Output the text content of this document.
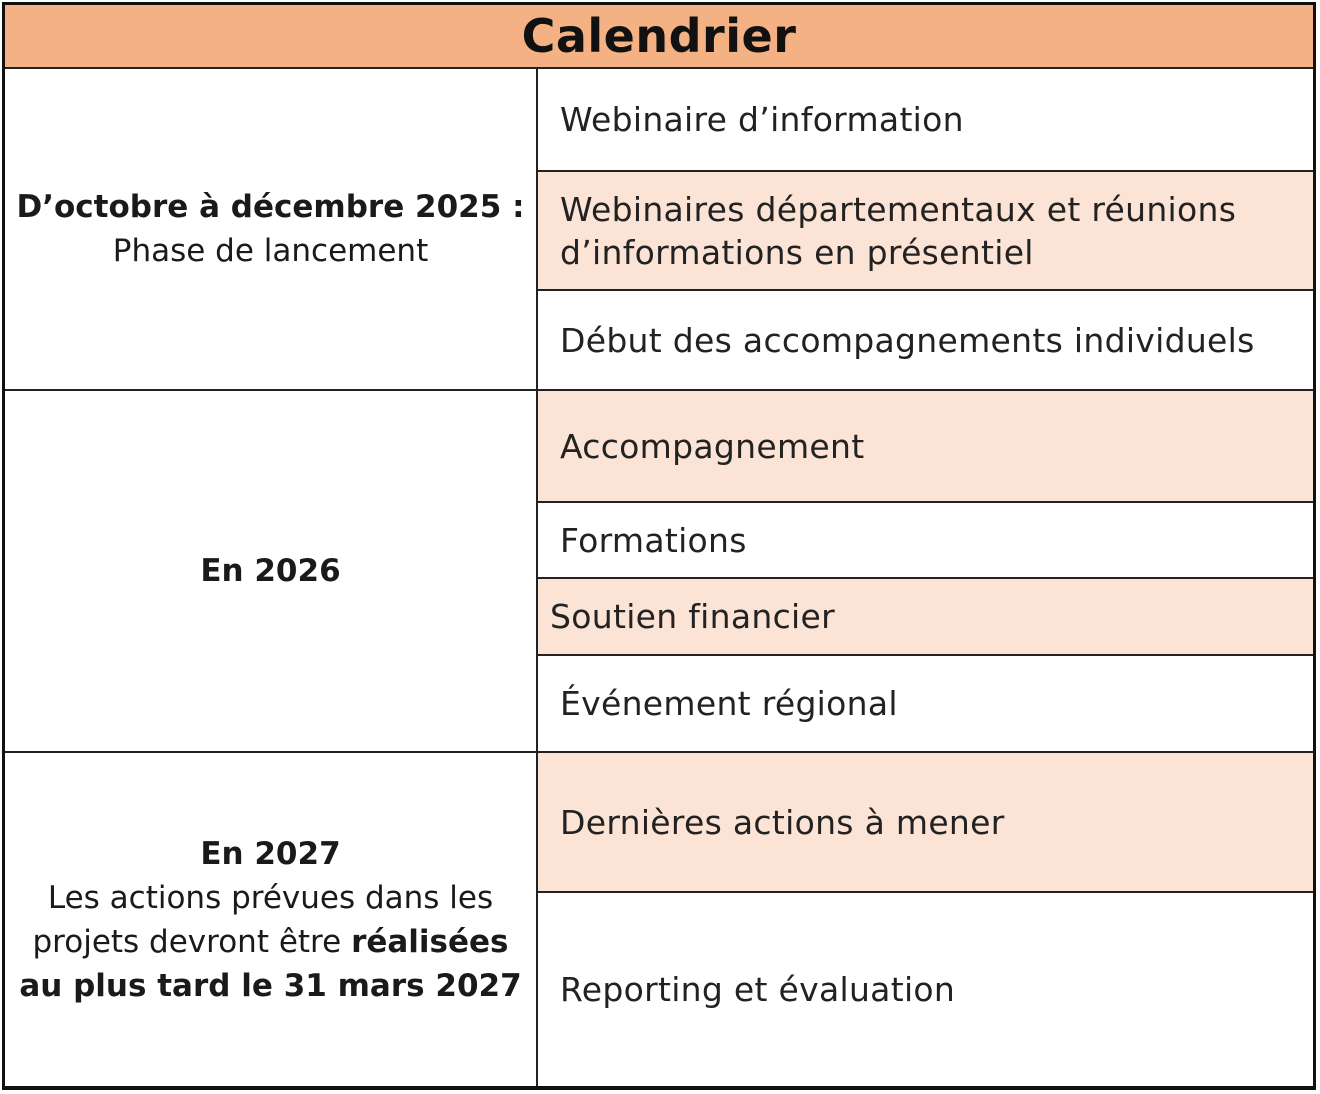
Calendrier
D’octobre à décembre 2025 :
Phase de lancement
Webinaire d’information
Webinaires départementaux et réunions d’informations en présentiel
Début des accompagnements individuels
En 2026
Accompagnement
Formations
Soutien financier
Événement régional
En 2027
Les actions prévues dans les projets devront être réalisées au plus tard le 31 mars 2027
Dernières actions à mener
Reporting et évaluation
